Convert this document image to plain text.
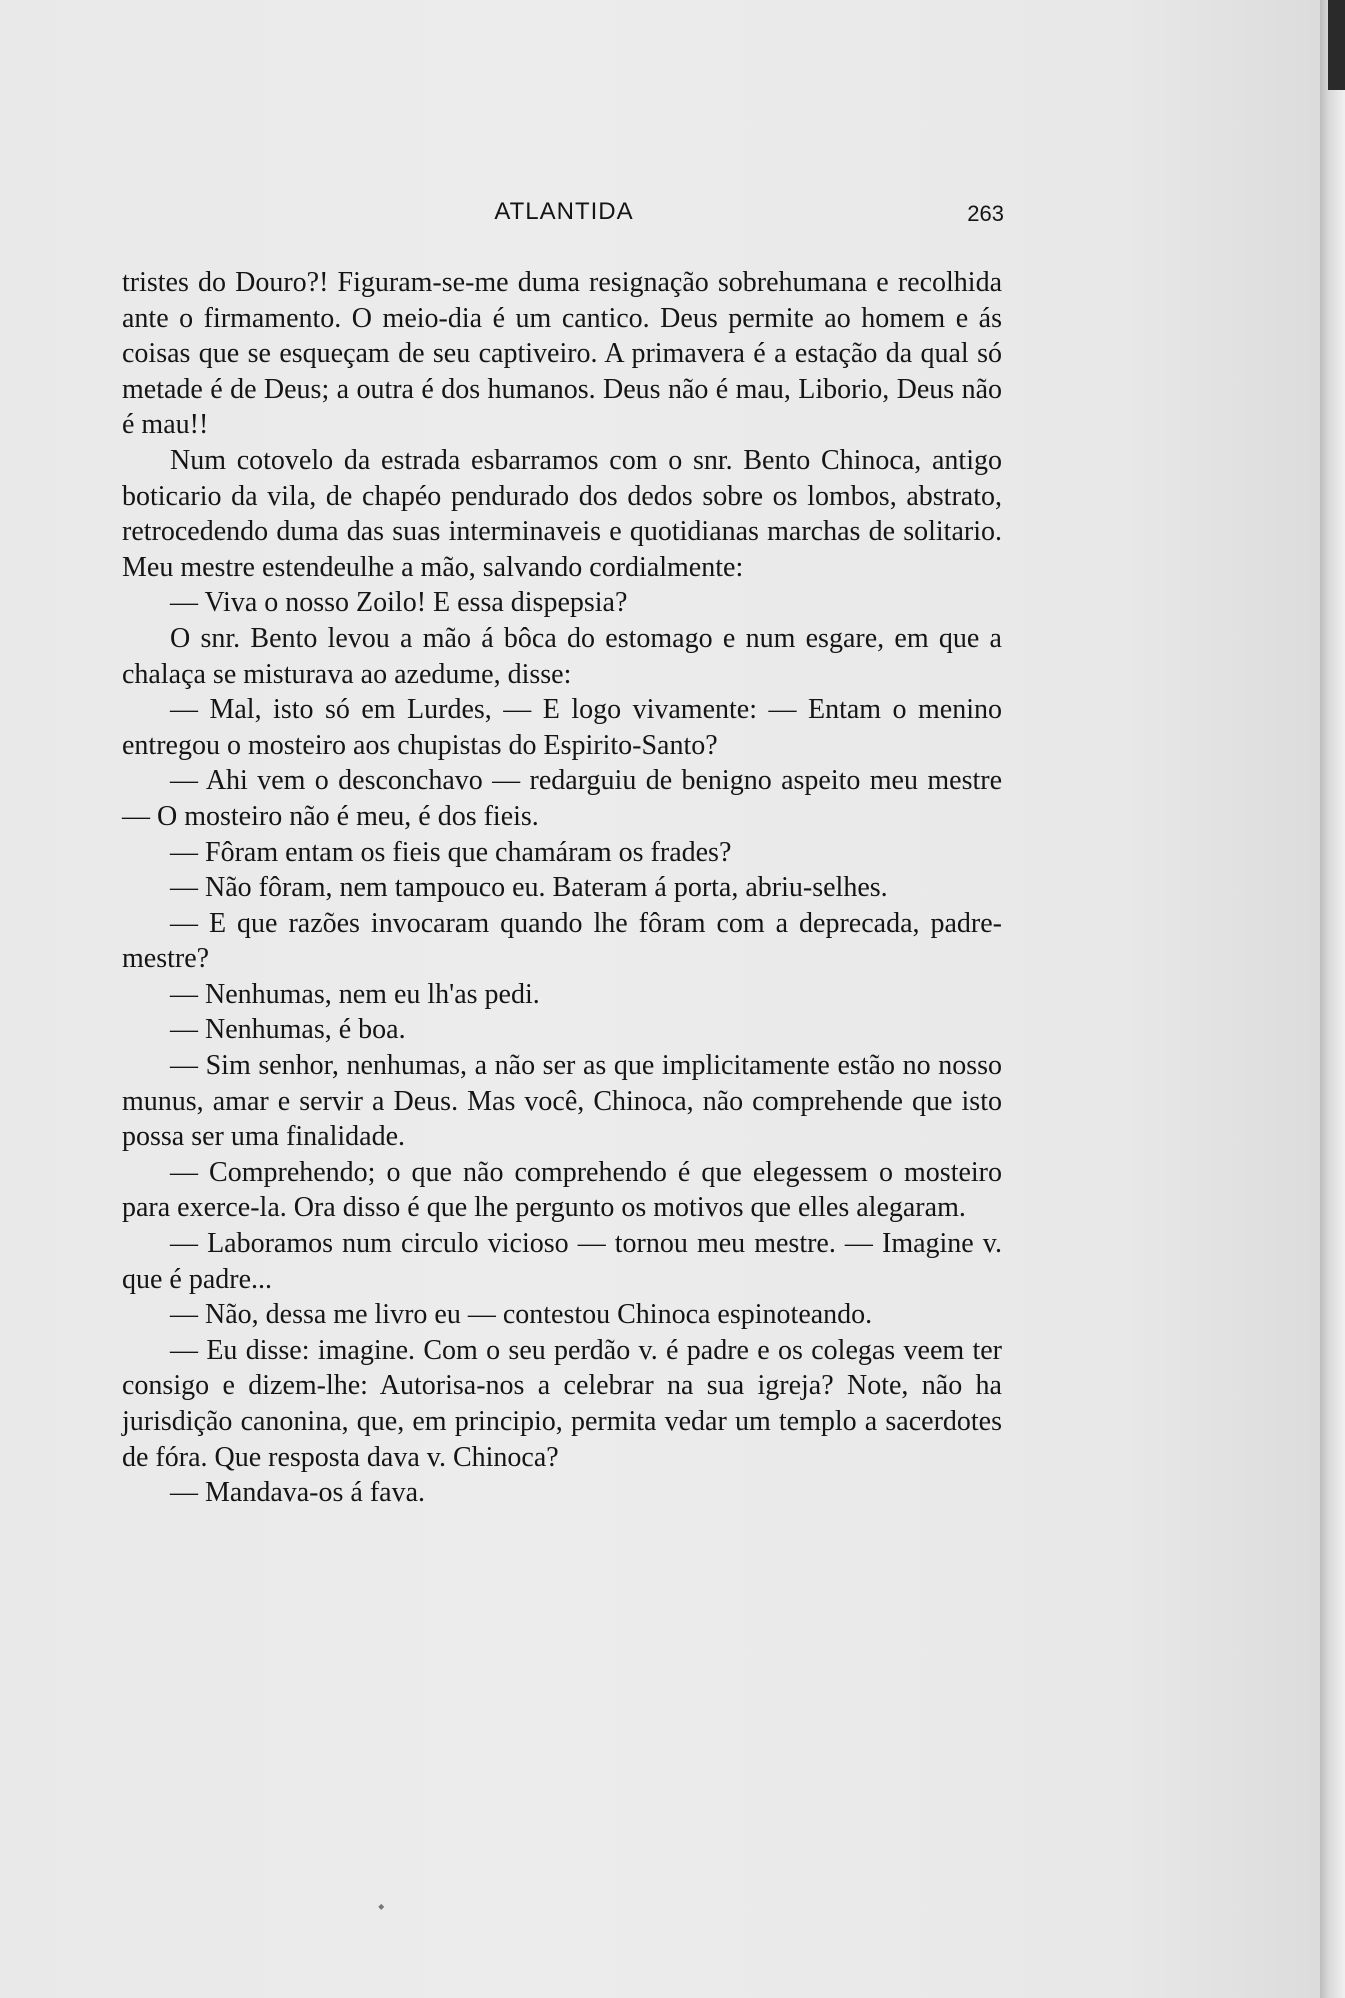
ATLANTIDA	263

tristes do Douro?! Figuram-se-me duma resignação sobrehumana e recolhida ante o firmamento. O meio-dia é um cantico. Deus permite ao homem e ás coisas que se esqueçam de seu captiveiro. A primavera é a estação da qual só metade é de Deus; a outra é dos humanos. Deus não é mau, Liborio, Deus não é mau!!

Num cotovelo da estrada esbarramos com o snr. Bento Chinoca, antigo boticario da vila, de chapéo pendurado dos dedos sobre os lombos, abstrato, retrocedendo duma das suas interminaveis e quotidianas marchas de solitario. Meu mestre estendeulhe a mão, salvando cordialmente:

— Viva o nosso Zoilo! E essa dispepsia?

O snr. Bento levou a mão á bôca do estomago e num esgare, em que a chalaça se misturava ao azedume, disse:

— Mal, isto só em Lurdes, — E logo vivamente: — Entam o menino entregou o mosteiro aos chupistas do Espirito-Santo?

— Ahi vem o desconchavo — redarguiu de benigno aspeito meu mestre — O mosteiro não é meu, é dos fieis.

— Fôram entam os fieis que chamáram os frades?

— Não fôram, nem tampouco eu. Bateram á porta, abriu-selhes.

— E que razões invocaram quando lhe fôram com a deprecada, padre-mestre?

— Nenhumas, nem eu lh'as pedi.

— Nenhumas, é boa.

— Sim senhor, nenhumas, a não ser as que implicitamente estão no nosso munus, amar e servir a Deus. Mas você, Chinoca, não comprehende que isto possa ser uma finalidade.

— Comprehendo; o que não comprehendo é que elegessem o mosteiro para exerce-la. Ora disso é que lhe pergunto os motivos que elles alegaram.

— Laboramos num circulo vicioso — tornou meu mestre. — Imagine v. que é padre...

— Não, dessa me livro eu — contestou Chinoca espinoteando.

— Eu disse: imagine. Com o seu perdão v. é padre e os colegas veem ter consigo e dizem-lhe: Autorisa-nos a celebrar na sua igreja? Note, não ha jurisdição canonina, que, em principio, permita vedar um templo a sacerdotes de fóra. Que resposta dava v. Chinoca?

— Mandava-os á fava.

⬩
